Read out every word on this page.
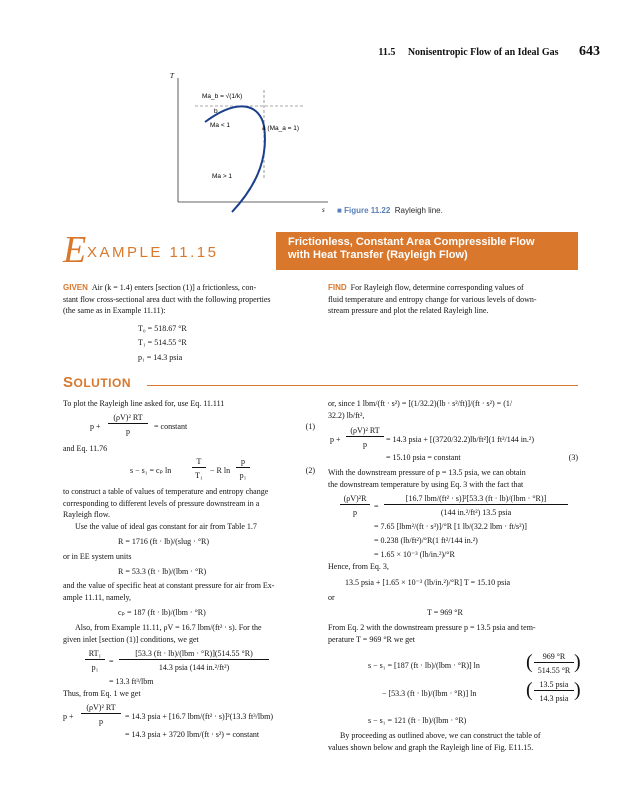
11.5 Nonisentropic Flow of an Ideal Gas 643
T
s
Ma_b = √(1/k)
b
a (Ma_a = 1)
Ma < 1
Ma > 1
■ Figure 11.22 Rayleigh line.
E XAMPLE 11.15
Frictionless, Constant Area Compressible Flow
with Heat Transfer (Rayleigh Flow)
GIVEN Air (k = 1.4) enters [section (1)] a frictionless, con-
stant flow cross-sectional area duct with the following properties
(the same as in Example 11.11):
T₀ = 518.67 °R
T₁ = 514.55 °R
p₁ = 14.3 psia
FIND For Rayleigh flow, determine corresponding values of
fluid temperature and entropy change for various levels of down-
stream pressure and plot the related Rayleigh line.
SOLUTION
To plot the Rayleigh line asked for, use Eq. 11.111
p +
(ρV)² RT
p
= constant	(1)
and Eq. 11.76
s − s₁ = cₚ ln
T
T₁
− R ln
p
p₁
(2)
to construct a table of values of temperature and entropy change
corresponding to different levels of pressure downstream in a
Rayleigh flow.
Use the value of ideal gas constant for air from Table 1.7
R = 1716 (ft · lb)/(slug · °R)
or in EE system units
R = 53.3 (ft · lb)/(lbm · °R)
and the value of specific heat at constant pressure for air from Ex-
ample 11.11, namely,
cₚ = 187 (ft · lb)/(lbm · °R)
Also, from Example 11.11, ρV = 16.7 lbm/(ft² · s). For the
given inlet [section (1)] conditions, we get
RT₁
p₁
=
[53.3 (ft · lb)/(lbm · °R)](514.55 °R)
14.3 psia (144 in.²/ft²)
= 13.3 ft³/lbm
Thus, from Eq. 1 we get
p +
(ρV)² RT
p
= 14.3 psia + [16.7 lbm/(ft² · s)]²(13.3 ft³/lbm)
= 14.3 psia + 3720 lbm/(ft · s²) = constant
or, since 1 lbm/(ft · s²) = [(1/32.2)(lb · s²/ft)]/(ft · s²) = (1/
32.2) lb/ft²,
p +
(ρV)² RT
p
= 14.3 psia + [(3720/32.2)lb/ft²](1 ft²/144 in.²)
= 15.10 psia = constant	(3)
With the downstream pressure of p = 13.5 psia, we can obtain
the downstream temperature by using Eq. 3 with the fact that
(ρV)²R
p
=
[16.7 lbm/(ft² · s)]²[53.3 (ft · lb)/(lbm · °R)]
(144 in.²/ft²) 13.5 psia
= 7.65 [lbm²/(ft · s³)]/°R [1 lb/(32.2 lbm · ft/s²)]
= 0.238 (lb/ft²)/°R(1 ft²/144 in.²)
= 1.65 × 10⁻³ (lb/in.²)/°R
Hence, from Eq. 3,
13.5 psia + [1.65 × 10⁻³ (lb/in.²)/°R] T = 15.10 psia
or
T = 969 °R
From Eq. 2 with the downstream pressure p = 13.5 psia and tem-
perature T = 969 °R we get
s − s₁ = [187 (ft · lb)/(lbm · °R)] ln (	969 °R
514.55 °R )
− [53.3 (ft · lb)/(lbm · °R)] ln ( 13.5 psia
14.3 psia )
s − s₁ = 121 (ft · lb)/(lbm · °R)
By proceeding as outlined above, we can construct the table of
values shown below and graph the Rayleigh line of Fig. E11.15.
